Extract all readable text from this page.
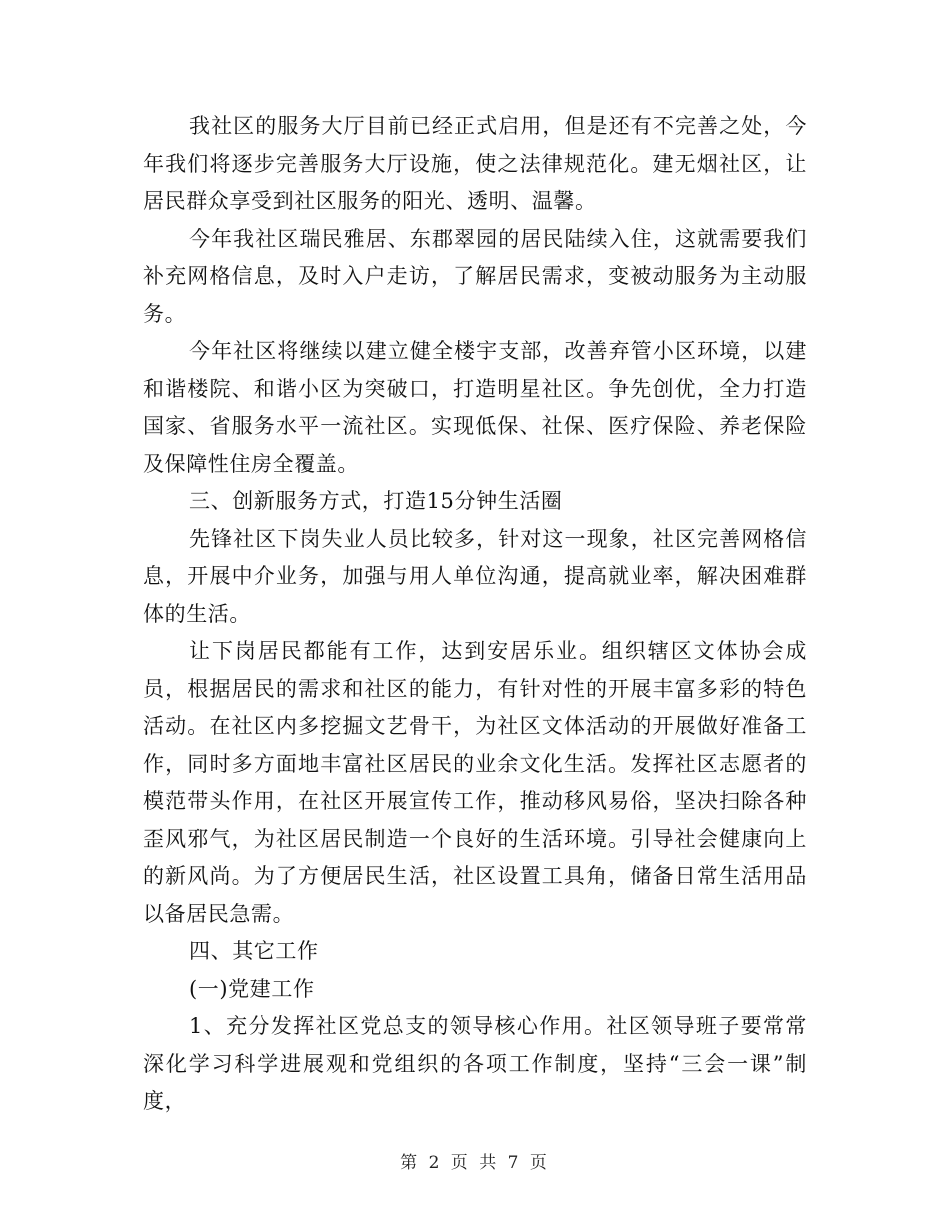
我社区的服务大厅目前已经正式启用，但是还有不完善之处，今年我们将逐步完善服务大厅设施，使之法律规范化。建无烟社区，让居民群众享受到社区服务的阳光、透明、温馨。

今年我社区瑞民雅居、东郡翠园的居民陆续入住，这就需要我们补充网格信息，及时入户走访，了解居民需求，变被动服务为主动服务。

今年社区将继续以建立健全楼宇支部，改善弃管小区环境，以建和谐楼院、和谐小区为突破口，打造明星社区。争先创优，全力打造国家、省服务水平一流社区。实现低保、社保、医疗保险、养老保险及保障性住房全覆盖。

三、创新服务方式，打造15分钟生活圈

先锋社区下岗失业人员比较多，针对这一现象，社区完善网格信息，开展中介业务，加强与用人单位沟通，提高就业率，解决困难群体的生活。

让下岗居民都能有工作，达到安居乐业。组织辖区文体协会成员，根据居民的需求和社区的能力，有针对性的开展丰富多彩的特色活动。在社区内多挖掘文艺骨干，为社区文体活动的开展做好准备工作，同时多方面地丰富社区居民的业余文化生活。发挥社区志愿者的模范带头作用，在社区开展宣传工作，推动移风易俗，坚决扫除各种歪风邪气，为社区居民制造一个良好的生活环境。引导社会健康向上的新风尚。为了方便居民生活，社区设置工具角，储备日常生活用品以备居民急需。

四、其它工作

(一)党建工作

1、充分发挥社区党总支的领导核心作用。社区领导班子要常常深化学习科学进展观和党组织的各项工作制度，坚持“三会一课”制度，

第 2 页 共 7 页
